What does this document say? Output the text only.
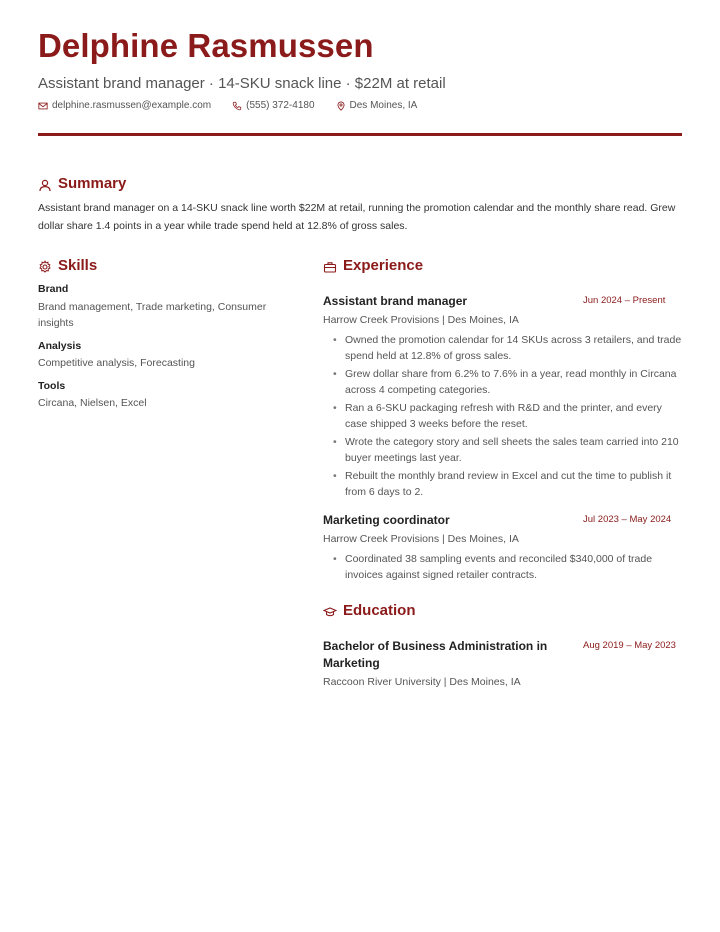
Delphine Rasmussen
Assistant brand manager · 14-SKU snack line · $22M at retail
delphine.rasmussen@example.com	(555) 372-4180	Des Moines, IA
Summary
Assistant brand manager on a 14-SKU snack line worth $22M at retail, running the promotion calendar and the monthly share read. Grew dollar share 1.4 points in a year while trade spend held at 12.8% of gross sales.
Skills
Brand
Brand management, Trade marketing, Consumer insights
Analysis
Competitive analysis, Forecasting
Tools
Circana, Nielsen, Excel
Experience
Assistant brand manager	Jun 2024 – Present
Harrow Creek Provisions | Des Moines, IA
• Owned the promotion calendar for 14 SKUs across 3 retailers, and trade spend held at 12.8% of gross sales.
• Grew dollar share from 6.2% to 7.6% in a year, read monthly in Circana across 4 competing categories.
• Ran a 6-SKU packaging refresh with R&D and the printer, and every case shipped 3 weeks before the reset.
• Wrote the category story and sell sheets the sales team carried into 210 buyer meetings last year.
• Rebuilt the monthly brand review in Excel and cut the time to publish it from 6 days to 2.
Marketing coordinator	Jul 2023 – May 2024
Harrow Creek Provisions | Des Moines, IA
• Coordinated 38 sampling events and reconciled $340,000 of trade invoices against signed retailer contracts.
Education
Bachelor of Business Administration in Marketing
Aug 2019 – May 2023
Raccoon River University | Des Moines, IA
